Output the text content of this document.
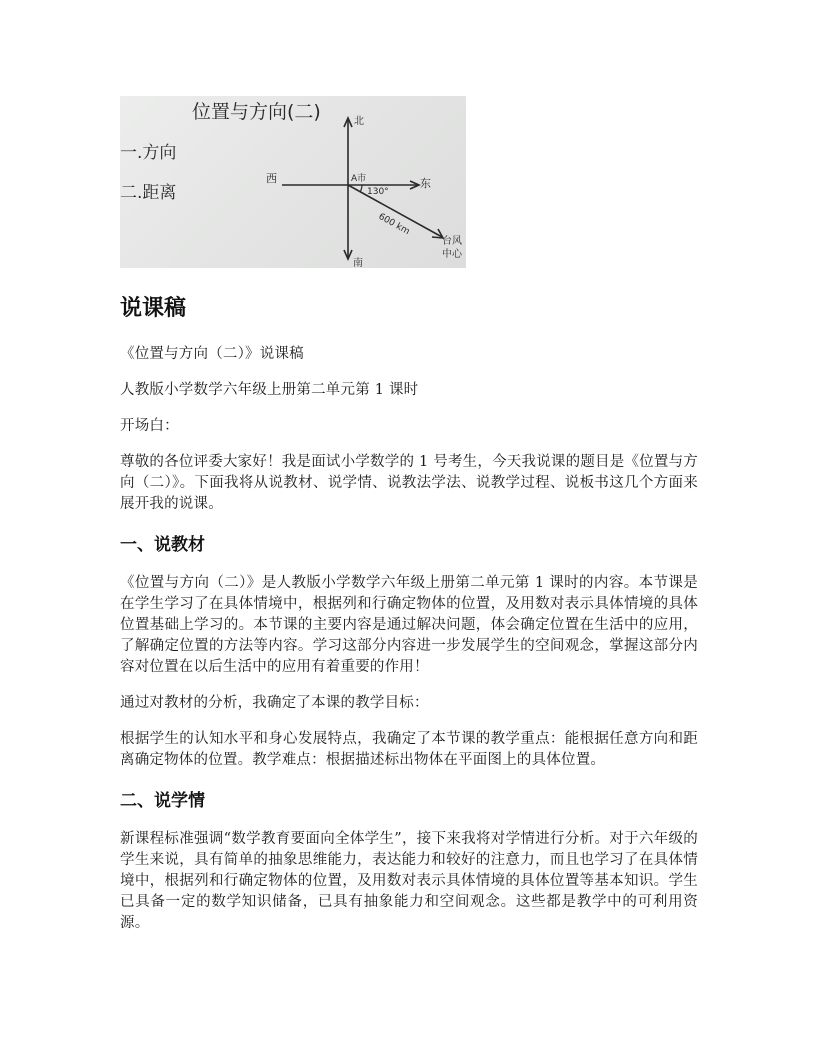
位置与方向(二)
一.方向
二.距离
北
南
东
西	A市
130°
600 km
台风
中心
说课稿

《位置与方向（二）》说课稿

人教版小学数学六年级上册第二单元第 1 课时

开场白：

尊敬的各位评委大家好！我是面试小学数学的 1 号考生，今天我说课的题目是《位置与方向（二）》。下面我将从说教材、说学情、说教法学法、说教学过程、说板书这几个方面来展开我的说课。

一、说教材

《位置与方向（二）》是人教版小学数学六年级上册第二单元第 1 课时的内容。本节课是在学生学习了在具体情境中，根据列和行确定物体的位置，及用数对表示具体情境的具体位置基础上学习的。本节课的主要内容是通过解决问题，体会确定位置在生活中的应用，了解确定位置的方法等内容。学习这部分内容进一步发展学生的空间观念，掌握这部分内容对位置在以后生活中的应用有着重要的作用！

通过对教材的分析，我确定了本课的教学目标：

根据学生的认知水平和身心发展特点，我确定了本节课的教学重点：能根据任意方向和距离确定物体的位置。教学难点：根据描述标出物体在平面图上的具体位置。

二、说学情

新课程标准强调“数学教育要面向全体学生”，接下来我将对学情进行分析。对于六年级的学生来说，具有简单的抽象思维能力，表达能力和较好的注意力，而且也学习了在具体情境中，根据列和行确定物体的位置，及用数对表示具体情境的具体位置等基本知识。学生已具备一定的数学知识储备，已具有抽象能力和空间观念。这些都是教学中的可利用资源。
